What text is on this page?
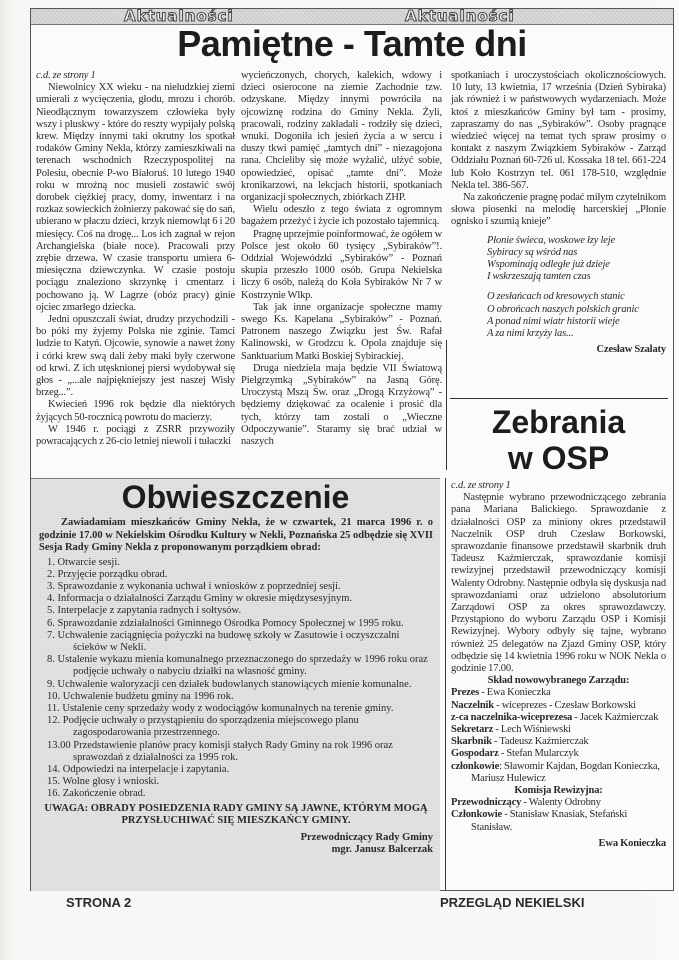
Aktualności	Aktualności
Pamiętne - Tamte dni

c.d. ze strony 1

Niewolnicy XX wieku - na nieludzkiej ziemi umierali z wycięczenia, głodu, mrozu i chorób. Nieodłącznym towarzyszem człowieka były wszy i pluskwy - które do reszty wypijały polską krew. Między innymi taki okrutny los spotkał rodaków Gminy Nekla, którzy zamieszkiwali na terenach wschodnich Rzeczypospolitej na Polesiu, obecnie P-wo Białoruś. 10 lutego 1940 roku w mroźną noc musieli zostawić swój dorobek ciężkiej pracy, domy, inwentarz i na rozkaz sowieckich żołnierzy pakować się do sań, ubierano w płaczu dzieci, krzyk niemowląt 6 i 20 miesięcy. Coś na drogę... Los ich zagnał w rejon Archangielska (białe noce). Pracowali przy zrębie drzewa. W czasie transportu umiera 6-miesięczna dziewczynka. W czasie postoju pociągu znaleziono skrzynkę i cmentarz i pochowano ją. W Lagrze (obóz pracy) ginie ojciec zmarłego dziecka.

Jedni opuszczali świat, drudzy przychodzili - bo póki my żyjemy Polska nie zginie. Tamci ludzie to Katyń. Ojcowie, synowie a nawet żony i córki krew swą dali żeby maki były czerwone od krwi. Z ich utęsknionej piersi wydobywał się głos - „...ale najpiękniejszy jest naszej Wisły brzeg...”.

Kwiecień 1996 rok będzie dla niektórych żyjących 50-rocznicą powrotu do macierzy.

W 1946 r. pociągi z ZSRR przywoziły powracających z 26-cio letniej niewoli i tułaczki

wycieńczonych, chorych, kalekich, wdowy i dzieci osierocone na ziemie Zachodnie tzw. odzyskane. Między innymi powróciła na ojcowiznę rodzina do Gminy Nekla. Żyli, pracowali, rodziny zakładali - rodziły się dzieci, wnuki. Dogoniła ich jesień życia a w sercu i duszy tkwi pamięć „tamtych dni” - niezagojona rana. Chcieliby się może wyżalić, ulżyć sobie, opowiedzieć, opisać „tamte dni”. Może kronikarzowi, na lekcjach historii, spotkaniach organizacji społecznych, zbiórkach ZHP.

Wielu odeszło z tego świata z ogromnym bagażem przeżyć i życie ich pozostało tajemnicą.

Pragnę uprzejmie poinformować, że ogółem w Polsce jest około 60 tysięcy „Sybiraków”!. Oddział Wojewódzki „Sybiraków” - Poznań skupia przeszło 1000 osób. Grupa Nekielska liczy 6 osób, należą do Koła Sybiraków Nr 7 w Kostrzynie Wlkp.

Tak jak inne organizacje społeczne mamy swego Ks. Kapelana „Sybiraków” - Poznań. Patronem naszego Związku jest Św. Rafał Kalinowski, w Grodzcu k. Opola znajduje się Sanktuarium Matki Boskiej Sybirackiej.

Druga niedziela maja będzie VII Światową Pielgrzymką „Sybiraków” na Jasną Górę. Uroczystą Mszą Św. oraz „Drogą Krzyżową” - będziemy dziękować za ocalenie i prosić dla tych, którzy tam zostali o „Wieczne Odpoczywanie”. Staramy się brać udział w naszych

spotkaniach i uroczystościach okolicznościowych. 10 luty, 13 kwietnia, 17 września (Dzień Sybiraka) jak również i w państwowych wydarzeniach. Może ktoś z mieszkańców Gminy był tam - prosimy, zapraszamy do nas „Sybiraków”. Osoby pragnące wiedzieć więcej na temat tych spraw prosimy o kontakt z naszym Związkiem Sybiraków - Zarząd Oddziału Poznań 60-726 ul. Kossaka 18 tel. 661-224 lub Koło Kostrzyn tel. 061 178-510, względnie Nekla tel. 386-567.

Na zakończenie pragnę podać miłym czytelnikom słowa piosenki na melodię harcerskiej „Płonie ognisko i szumią knieje”

Płonie świeca, woskowe łzy leje
Sybiracy są wśród nas
Wspominają odległe już dzieje
I wskrzeszają tamten czas
O zesłańcach od kresowych stanic
O obrońcach naszych polskich granic
A ponad nimi wiatr historii wieje
A za nimi krzyży las...
Czesław Szalaty
Obwieszczenie
Zawiadamiam mieszkańców Gminy Nekla, że w czwartek, 21 marca 1996 r. o godzinie 17.00 w Nekielskim Ośrodku Kultury w Nekli, Poznańska 25 odbędzie się XVII Sesja Rady Gminy Nekla z proponowanym porządkiem obrad:
1. Otwarcie sesji.
2. Przyjęcie porządku obrad.
3. Sprawozdanie z wykonania uchwał i wniosków z poprzedniej sesji.
4. Informacja o działalności Zarządu Gminy w okresie międzysesyjnym.
5. Interpelacje z zapytania radnych i sołtysów.
6. Sprawozdanie zdziałalności Gminnego Ośrodka Pomocy Społecznej w 1995 roku.
7. Uchwalenie zaciągnięcia pożyczki na budowę szkoły w Zasutowie i oczyszczalni ścieków w Nekli.
8. Ustalenie wykazu mienia komunalnego przeznaczonego do sprzedaży w 1996 roku oraz podjęcie uchwały o nabyciu działki na własność gminy.
9. Uchwalenie waloryzacji cen działek budowlanych stanowiących mienie komunalne.
10. Uchwalenie budżetu gminy na 1996 rok.
11. Ustalenie ceny sprzedaży wody z wodociągów komunalnych na terenie gminy.
12. Podjęcie uchwały o przystąpieniu do sporządzenia miejscowego planu zagospodarowania przestrzennego.
13.00 Przedstawienie planów pracy komisji stałych Rady Gminy na rok 1996 oraz sprawozdań z działalności za 1995 rok.
14. Odpowiedzi na interpelacje i zapytania.
15. Wolne głosy i wnioski.
16. Zakończenie obrad.
UWAGA: OBRADY POSIEDZENIA RADY GMINY SĄ JAWNE, KTÓRYM MOGĄ PRZYSŁUCHIWAĆ SIĘ MIESZKAŃCY GMINY.
Przewodniczący Rady Gminy
mgr. Janusz Balcerzak
Zebrania
w OSP

c.d. ze strony 1

Następnie wybrano przewodniczącego zebrania pana Mariana Balickiego. Sprawozdanie z działalności OSP za miniony okres przedstawił Naczelnik OSP druh Czesław Borkowski, sprawozdanie finansowe przedstawił skarbnik druh Tadeusz Kaźmierczak, sprawozdanie komisji rewizyjnej przedstawił przewodniczący komisji Walenty Odrobny. Następnie odbyła się dyskusja nad sprawozdaniami oraz udzielono absolutorium Zarządowi OSP za okres sprawozdawczy. Przystąpiono do wyboru Zarządu OSP i Komisji Rewizyjnej. Wybory odbyły się tajne, wybrano również 25 delegatów na Zjazd Gminy OSP, który odbędzie się 14 kwietnia 1996 roku w NOK Nekla o godzinie 17.00.

Skład nowowybranego Zarządu:
Prezes - Ewa Konieczka
Naczelnik - wiceprezes - Czesław Borkowski
z-ca naczelnika-wiceprezesa - Jacek Kaźmierczak
Sekretarz - Lech Wiśniewski
Skarbnik - Tadeusz Kaźmierczak
Gospodarz - Stefan Mularczyk
członkowie: Sławomir Kajdan, Bogdan Konieczka, Mariusz Hulewicz
Komisja Rewizyjna:
Przewodniczący - Walenty Odrobny
Członkowie - Stanisław Knasiak, Stefański Stanisław.
Ewa Konieczka
STRONA 2	PRZEGLĄD NEKIELSKI
